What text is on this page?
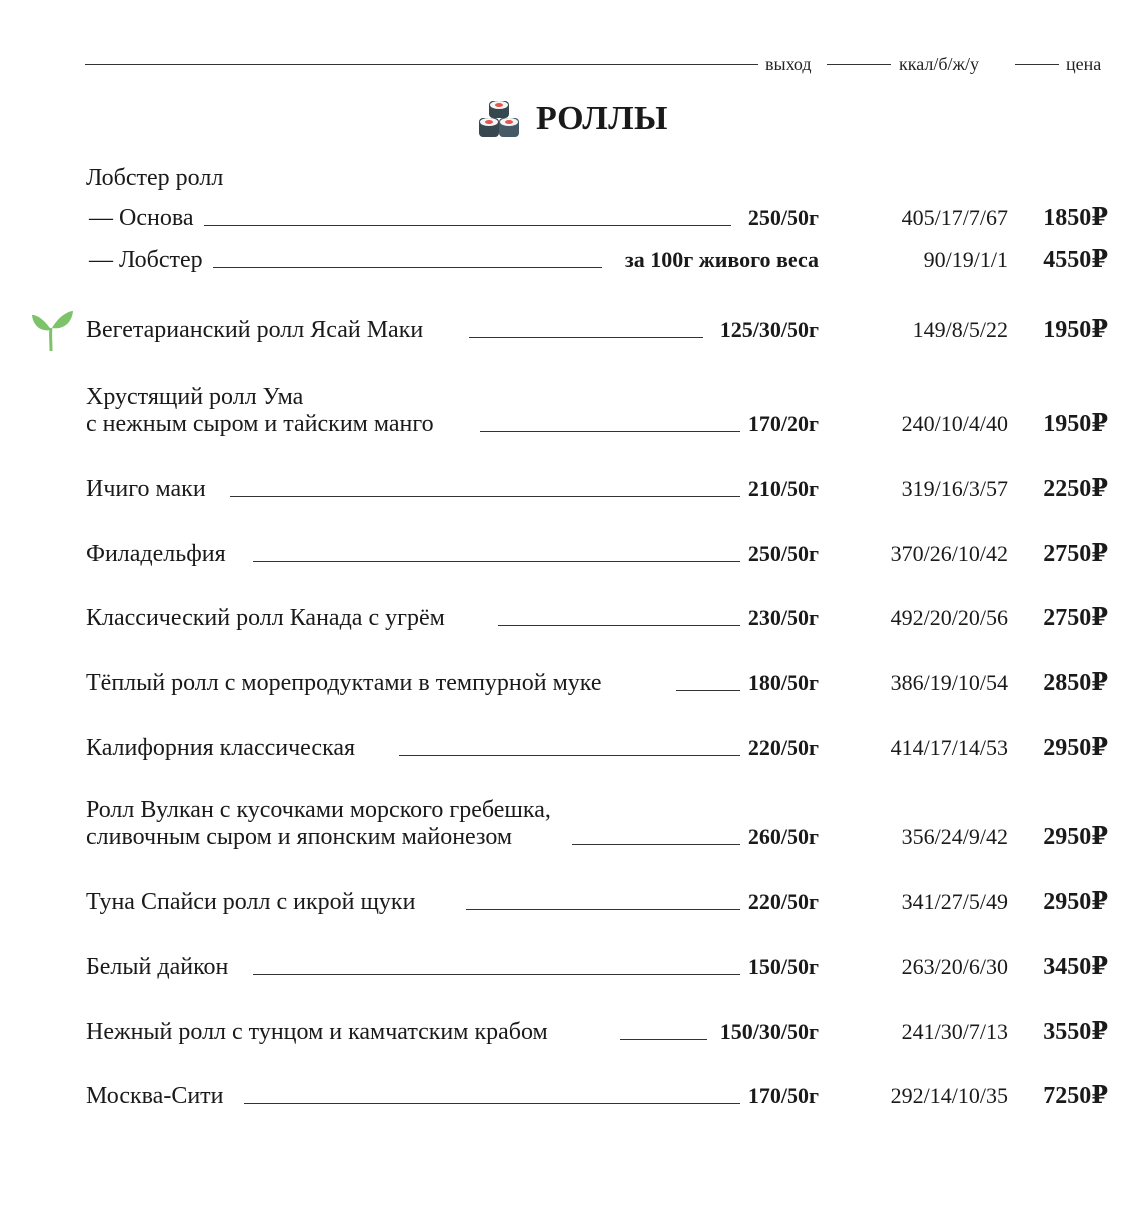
выход	ккал/б/ж/у	цена
РОЛЛЫ
Лобстер ролл
— Основа	250/50г	405/17/7/67 1850₽
— Лобстер	за 100г живого веса	90/19/1/1 4550₽
Вегетарианский ролл Ясай Маки	125/30/50г	149/8/5/22 1950₽
Хрустящий ролл Ума
с нежным сыром и тайским манго	170/20г	240/10/4/40 1950₽
Ичиго маки	210/50г	319/16/3/57 2250₽
Филадельфия	250/50г	370/26/10/42 2750₽
Классический ролл Канада с угрём	230/50г	492/20/20/56 2750₽
Тёплый ролл с морепродуктами в темпурной муке	180/50г	386/19/10/54 2850₽
Калифорния классическая	220/50г	414/17/14/53 2950₽
Ролл Вулкан с кусочками морского гребешка,
сливочным сыром и японским майонезом	260/50г	356/24/9/42 2950₽
Туна Спайси ролл с икрой щуки	220/50г	341/27/5/49 2950₽
Белый дайкон	150/50г	263/20/6/30 3450₽
Нежный ролл с тунцом и камчатским крабом	150/30/50г	241/30/7/13 3550₽
Москва-Сити	170/50г	292/14/10/35 7250₽
